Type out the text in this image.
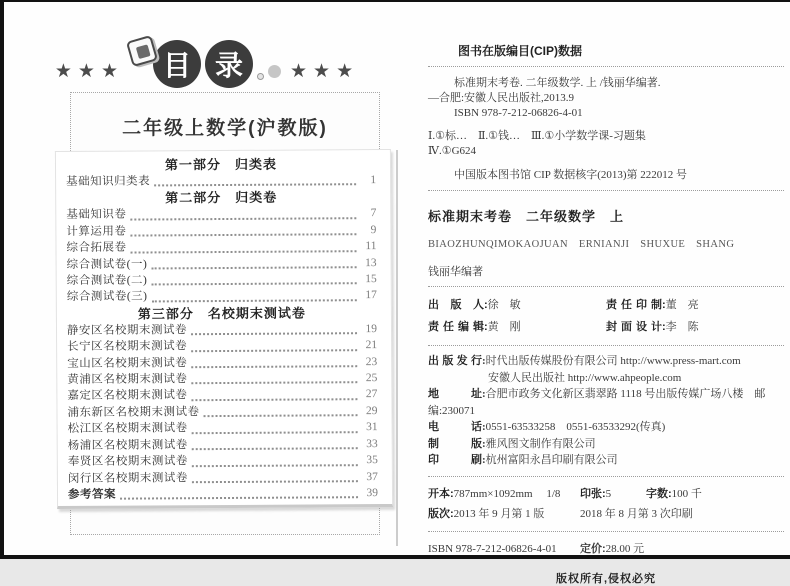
★ ★ ★	目 录	★ ★ ★
二年级上数学(沪教版)
第一部分　归类表
基础知识归类表	1
第二部分　归类卷
基础知识卷	7
计算运用卷	9
综合拓展卷	11
综合测试卷(一)	13
综合测试卷(二)	15
综合测试卷(三)	17
第三部分　名校期末测试卷
静安区名校期末测试卷	19
长宁区名校期末测试卷	21
宝山区名校期末测试卷	23
黄浦区名校期末测试卷	25
嘉定区名校期末测试卷	27
浦东新区名校期末测试卷	29
松江区名校期末测试卷	31
杨浦区名校期末测试卷	33
奉贤区名校期末测试卷	35
闵行区名校期末测试卷	37
参考答案	39
图书在版编目(CIP)数据
标准期末考卷. 二年级数学. 上 /钱丽华编著.
—合肥:安徽人民出版社,2013.9
ISBN 978-7-212-06826-4-01
Ⅰ.①标…　Ⅱ.①钱…　Ⅲ.①小学数学课-习题集
Ⅳ.①G624
中国版本图书馆 CIP 数据核字(2013)第 222012 号
标准期末考卷　二年级数学　上
BIAOZHUNQIMOKAOJUAN　ERNIANJI　SHUXUE　SHANG
钱丽华编著
出 版 人:徐　敏	责任印制:董　亮
责任编辑:黄　刚	封面设计:李　陈
出版发行:时代出版传媒股份有限公司 http://www.press-mart.com
安徽人民出版社 http://www.ahpeople.com
地 址:合肥市政务文化新区翡翠路 1118 号出版传媒广场八楼　邮编:230071
电 话:0551-63533258　0551-63533292(传真)
制 版:雅风图文制作有限公司
印 刷:杭州富阳永昌印刷有限公司
开本:787mm×1092mm　 1/8 印张:5	字数:100 千
版次:2013 年 9 月第 1 版	2018 年 8 月第 3 次印刷
ISBN 978-7-212-06826-4-01 定价:28.00 元
版权所有,侵权必究
